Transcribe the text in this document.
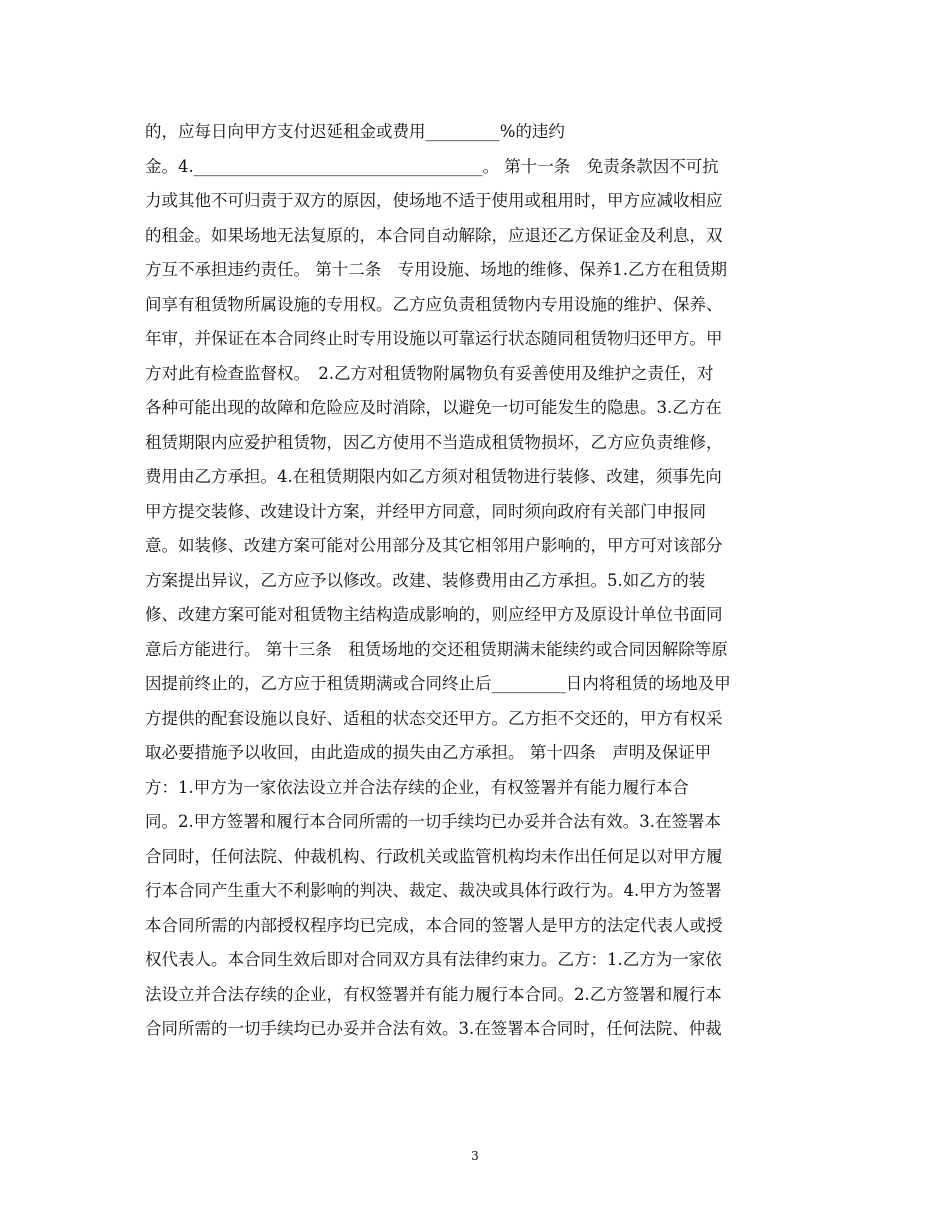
的，应每日向甲方支付迟延租金或费用_________%的违约
金。4.___________________________________。 第十一条　免责条款因不可抗
力或其他不可归责于双方的原因，使场地不适于使用或租用时，甲方应减收相应
的租金。如果场地无法复原的，本合同自动解除，应退还乙方保证金及利息，双
方互不承担违约责任。 第十二条　专用设施、场地的维修、保养1.乙方在租赁期
间享有租赁物所属设施的专用权。乙方应负责租赁物内专用设施的维护、保养、
年审，并保证在本合同终止时专用设施以可靠运行状态随同租赁物归还甲方。甲
方对此有检查监督权。　2.乙方对租赁物附属物负有妥善使用及维护之责任，对
各种可能出现的故障和危险应及时消除，以避免一切可能发生的隐患。3.乙方在
租赁期限内应爱护租赁物，因乙方使用不当造成租赁物损坏，乙方应负责维修，
费用由乙方承担。4.在租赁期限内如乙方须对租赁物进行装修、改建，须事先向
甲方提交装修、改建设计方案，并经甲方同意，同时须向政府有关部门申报同
意。如装修、改建方案可能对公用部分及其它相邻用户影响的，甲方可对该部分
方案提出异议，乙方应予以修改。改建、装修费用由乙方承担。5.如乙方的装
修、改建方案可能对租赁物主结构造成影响的，则应经甲方及原设计单位书面同
意后方能进行。 第十三条　租赁场地的交还租赁期满未能续约或合同因解除等原
因提前终止的，乙方应于租赁期满或合同终止后_________日内将租赁的场地及甲
方提供的配套设施以良好、适租的状态交还甲方。乙方拒不交还的，甲方有权采
取必要措施予以收回，由此造成的损失由乙方承担。 第十四条　声明及保证甲
方：1.甲方为一家依法设立并合法存续的企业，有权签署并有能力履行本合
同。2.甲方签署和履行本合同所需的一切手续均已办妥并合法有效。3.在签署本
合同时，任何法院、仲裁机构、行政机关或监管机构均未作出任何足以对甲方履
行本合同产生重大不利影响的判决、裁定、裁决或具体行政行为。4.甲方为签署
本合同所需的内部授权程序均已完成，本合同的签署人是甲方的法定代表人或授
权代表人。本合同生效后即对合同双方具有法律约束力。乙方：1.乙方为一家依
法设立并合法存续的企业，有权签署并有能力履行本合同。2.乙方签署和履行本
合同所需的一切手续均已办妥并合法有效。3.在签署本合同时，任何法院、仲裁
3
